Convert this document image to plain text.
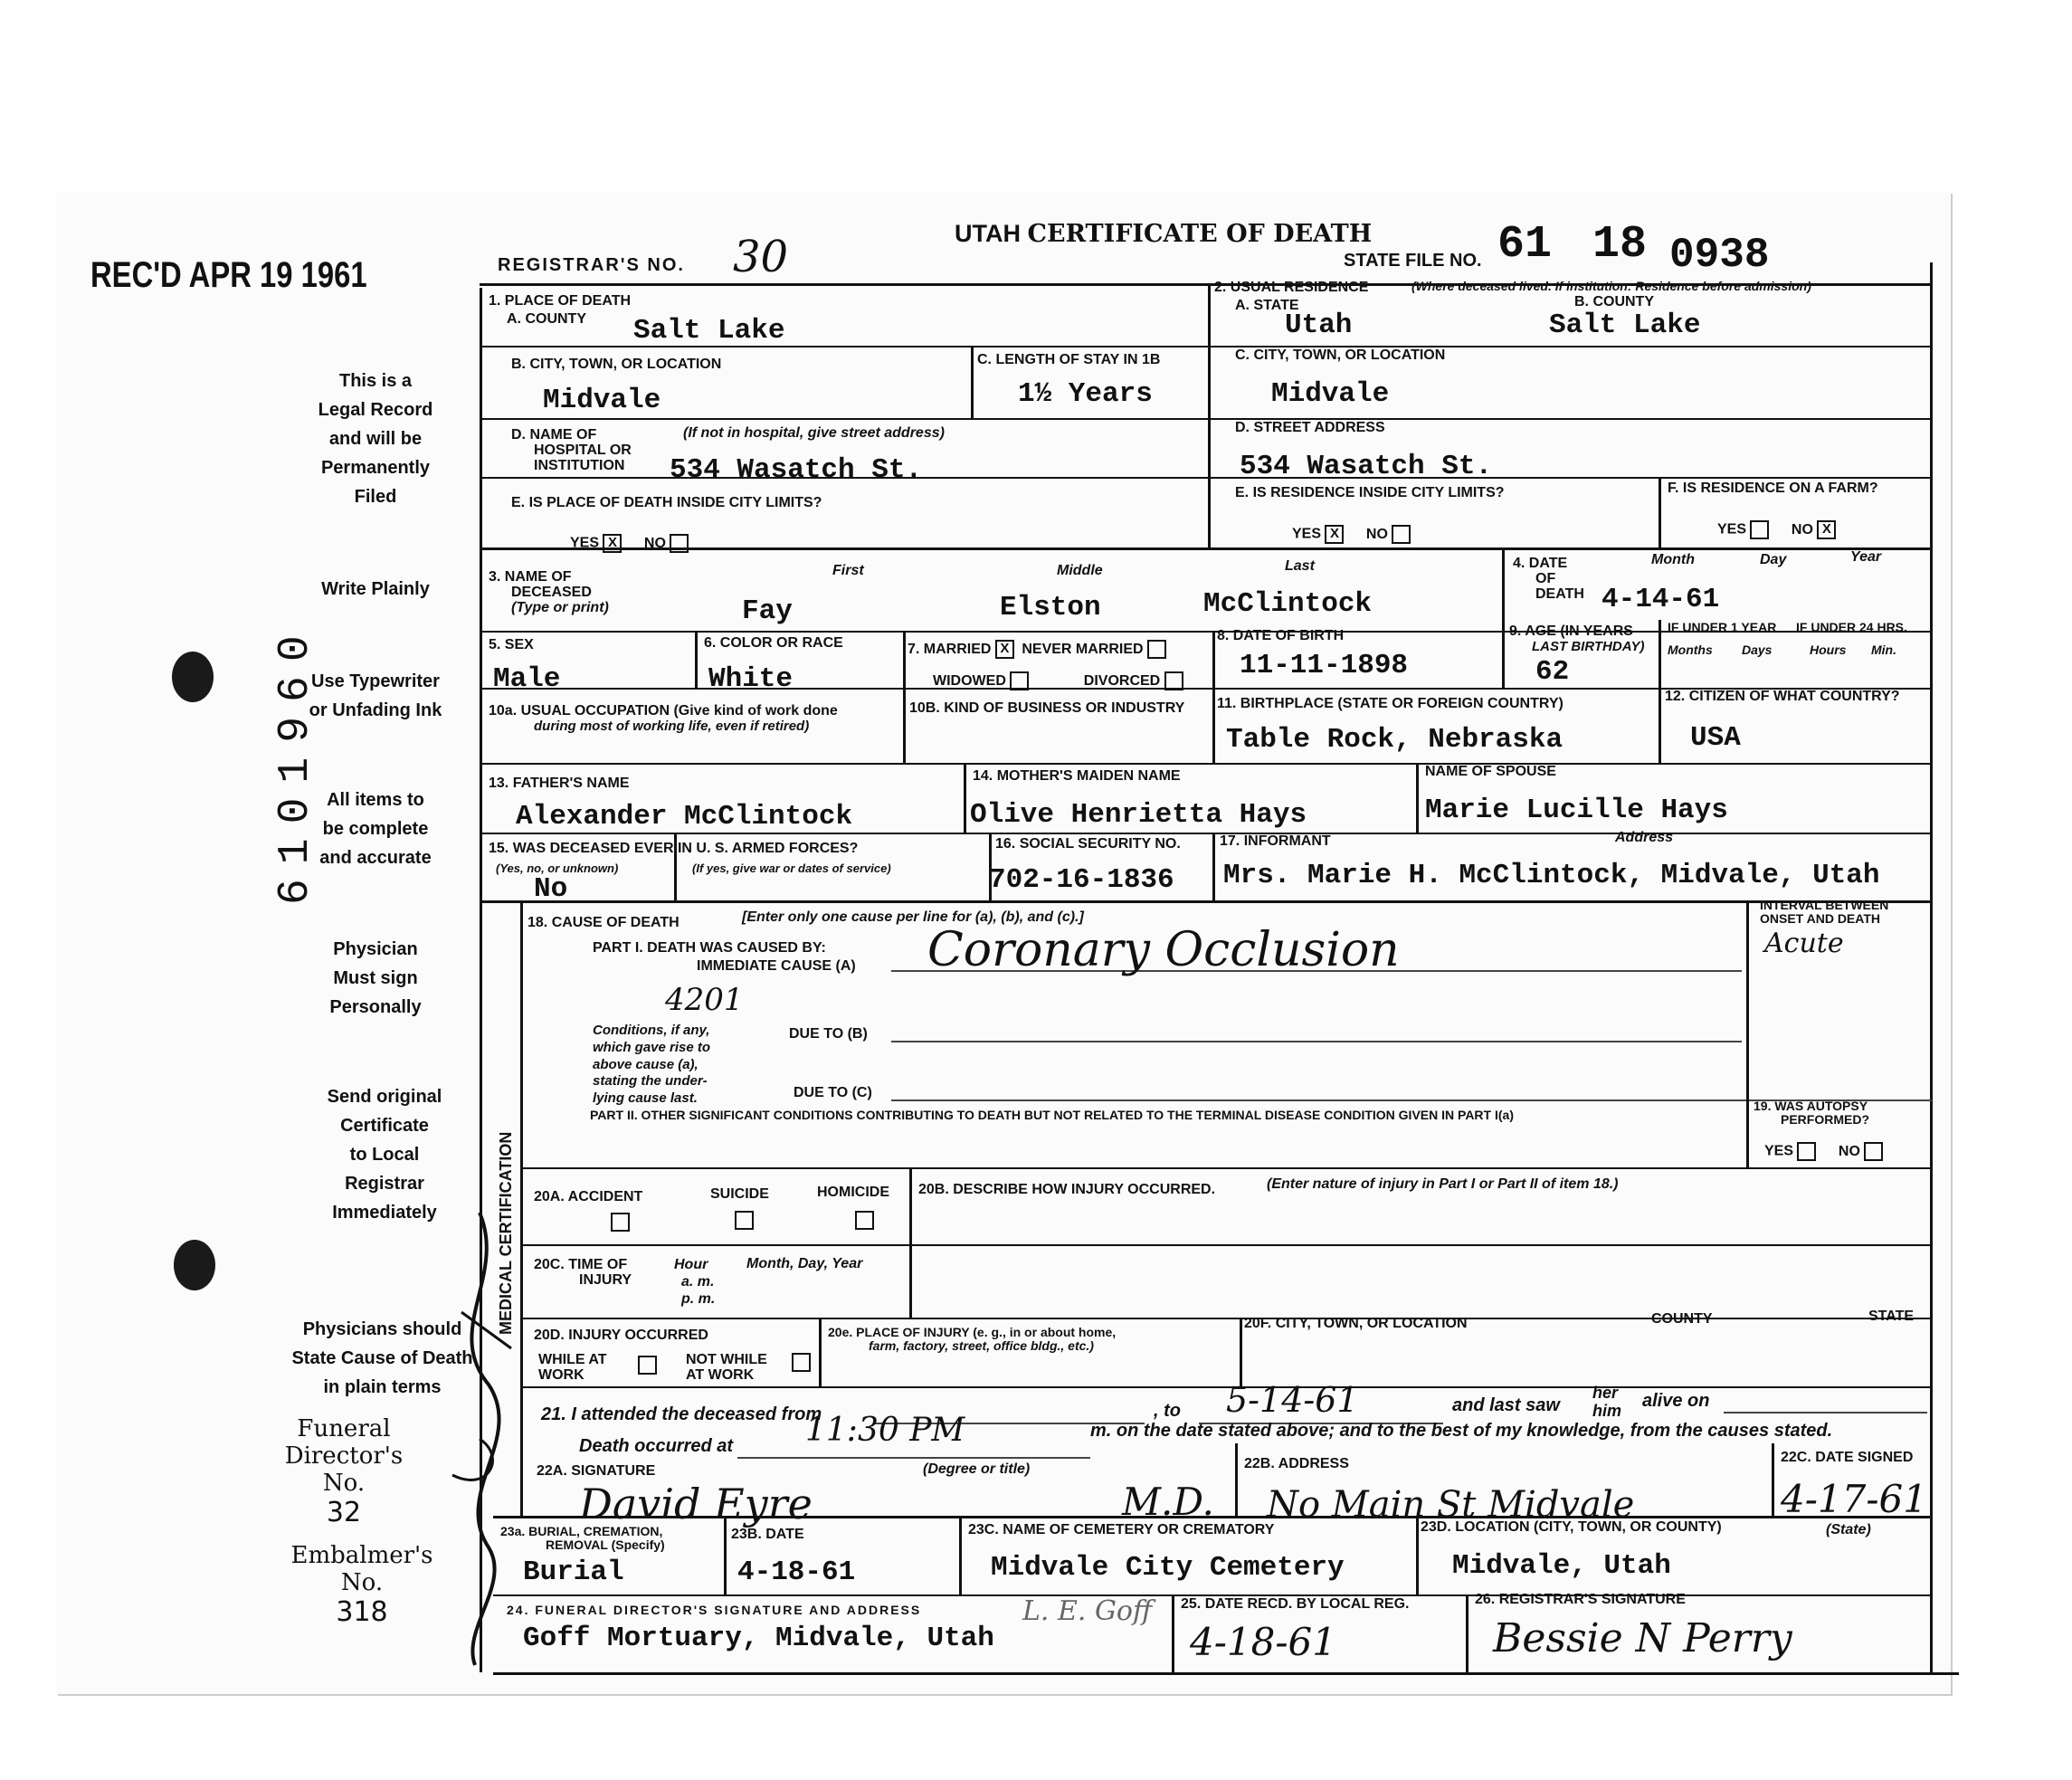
REC'D APR 19 1961	REGISTRAR'S NO. 30	UTAH CERTIFICATE OF DEATH
STATE FILE NO. 61 18 0938
This is a
Legal Record
and will be
Permanently
Filed
Write Plainly
Use Typewriter
or Unfading Ink
All items to
be complete
and accurate
Physician
Must sign
Personally
Send original
Certificate
to Local
Registrar
Immediately
Physicians should
State Cause of Death
in plain terms
Funeral
Director's No.
32
Embalmer's No.
318
6101960
1. PLACE OF DEATH
A. COUNTY Salt Lake
2. USUAL RESIDENCE	(Where deceased lived. If institution: Residence before admission)
A. STATE
Utah
B. COUNTY
Salt Lake
B. CITY, TOWN, OR LOCATION
Midvale
C. LENGTH OF STAY IN 1B
1½ Years
C. CITY, TOWN, OR LOCATION
Midvale
D. NAME OF
HOSPITAL OR
INSTITUTION
(If not in hospital, give street address)
534 Wasatch St.
D. STREET ADDRESS
534 Wasatch St.
E. IS PLACE OF DEATH INSIDE CITY LIMITS?
YES X NO
E. IS RESIDENCE INSIDE CITY LIMITS?
YES X NO
F. IS RESIDENCE ON A FARM?
YES	NO X
3. NAME OF
DECEASED
(Type or print)
First	Middle	Last
Fay	Elston	McClintock
4. DATE
OF
DEATH
Month	Day	Year
4-14-61
5. SEX
Male
6. COLOR OR RACE
White
7. MARRIED X NEVER MARRIED
WIDOWED	DIVORCED
8. DATE OF BIRTH
11-11-1898
9. AGE (IN YEARS
LAST BIRTHDAY)
62
IF UNDER 1 YEAR IF UNDER 24 HRS.
Months Days	Hours Min.
10a. USUAL OCCUPATION (Give kind of work done
during most of working life, even if retired)
10B. KIND OF BUSINESS OR INDUSTRY 11. BIRTHPLACE (STATE OR FOREIGN COUNTRY)
Table Rock, Nebraska
12. CITIZEN OF WHAT COUNTRY?
USA
13. FATHER'S NAME
Alexander McClintock
14. MOTHER'S MAIDEN NAME
Olive Henrietta Hays
NAME OF SPOUSE
Marie Lucille Hays
15. WAS DECEASED EVER IN U. S. ARMED FORCES?
(Yes, no, or unknown)	(If yes, give war or dates of service)
No
16. SOCIAL SECURITY NO.
702-16-1836
17. INFORMANT	Address
Mrs. Marie H. McClintock, Midvale, Utah
MEDICAL CERTIFICATION
18. CAUSE OF DEATH	[Enter only one cause per line for (a), (b), and (c).]
PART I. DEATH WAS CAUSED BY:
IMMEDIATE CAUSE (A) Coronary Occlusion
4201
Conditions, if any,
which gave rise to
above cause (a),
stating the under-
lying cause last.
DUE TO (B)
DUE TO (C)
INTERVAL BETWEEN
ONSET AND DEATH
Acute
PART II. OTHER SIGNIFICANT CONDITIONS CONTRIBUTING TO DEATH BUT NOT RELATED TO THE TERMINAL DISEASE CONDITION GIVEN IN PART I(a)
19. WAS AUTOPSY
PERFORMED?
YES	NO
20A. ACCIDENT	SUICIDE	HOMICIDE 20B. DESCRIBE HOW INJURY OCCURRED.	(Enter nature of injury in Part I or Part II of item 18.)
20C. TIME OF
INJURY
Hour
a. m.
p. m.
Month, Day, Year
20D. INJURY OCCURRED
WHILE AT
WORK
NOT WHILE
AT WORK
20e. PLACE OF INJURY (e. g., in or about home,
farm, factory, street, office bldg., etc.)
20F. CITY, TOWN, OR LOCATION	COUNTY	STATE
21. I attended the deceased from	, to 5-14-61	and last saw
her
him alive on
Death occurred at 11:30 PM	m. on the date stated above; and to the best of my knowledge, from the causes stated.
22A. SIGNATURE	(Degree or title)
David Eyre	M.D.
22B. ADDRESS
No Main St Midvale
22C. DATE SIGNED
4-17-61
23a. BURIAL, CREMATION,
REMOVAL (Specify)
Burial
23B. DATE
4-18-61
23C. NAME OF CEMETERY OR CREMATORY
Midvale City Cemetery
23D. LOCATION (CITY, TOWN, OR COUNTY)	(State)
Midvale, Utah
24. FUNERAL DIRECTOR'S SIGNATURE AND ADDRESS
Goff Mortuary, Midvale, Utah
L. E. Goff 25. DATE RECD. BY LOCAL REG.
4-18-61
26. REGISTRAR'S SIGNATURE
Bessie N Perry
